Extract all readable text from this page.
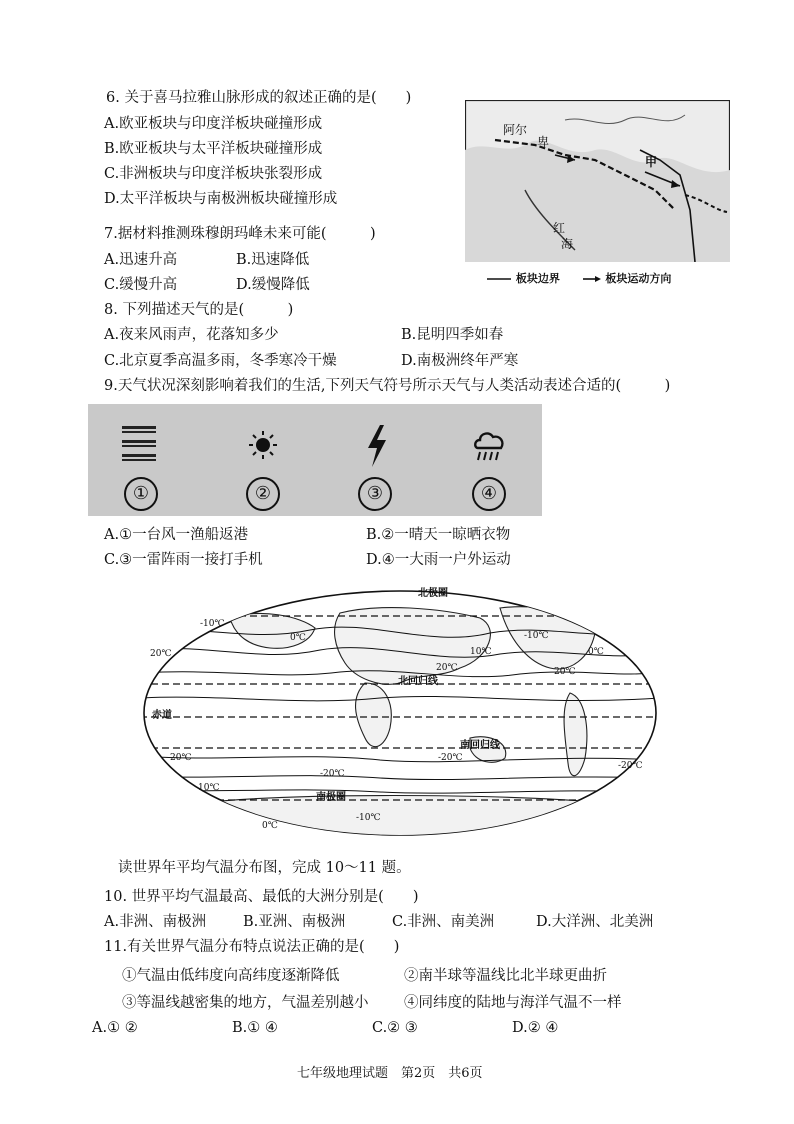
6. 关于喜马拉雅山脉形成的叙述正确的是(　　)
A.欧亚板块与印度洋板块碰撞形成
B.欧亚板块与太平洋板块碰撞形成
C.非洲板块与印度洋板块张裂形成
D.太平洋板块与南极洲板块碰撞形成
阿尔
卑
甲
红
海
板块边界	板块运动方向
7.据材料推测珠穆朗玛峰未来可能(　　　)
A.迅速升高	B.迅速降低
C.缓慢升高	D.缓慢降低
8. 下列描述天气的是(　　　)
A.夜来风雨声，花落知多少	B.昆明四季如春
C.北京夏季高温多雨，冬季寒冷干燥	D.南极洲终年严寒
9.天气状况深刻影响着我们的生活,下列天气符号所示天气与人类活动表述合适的(　　　)
①	②	③	④
A.①一台风一渔船返港	B.②一晴天一晾晒衣物
C.③一雷阵雨一接打手机	D.④一大雨一户外运动
北极圈
北回归线
赤道
南回归线
南极圈
-10℃
0℃	-10℃
0℃
20℃	10℃
20℃
-20℃
10℃
-20℃
20℃
0℃
-10℃
-20℃
20℃
读世界年平均气温分布图，完成 10～11 题。
10. 世界平均气温最高、最低的大洲分别是(　　)
A.非洲、南极洲	B.亚洲、南极洲	C.非洲、南美洲	D.大洋洲、北美洲
11.有关世界气温分布特点说法正确的是(　　)
①气温由低纬度向高纬度逐渐降低	②南半球等温线比北半球更曲折
③等温线越密集的地方，气温差别越小 ④同纬度的陆地与海洋气温不一样
A.① ②	B.① ④	C.② ③	D.② ④
七年级地理试题　第2页　共6页
